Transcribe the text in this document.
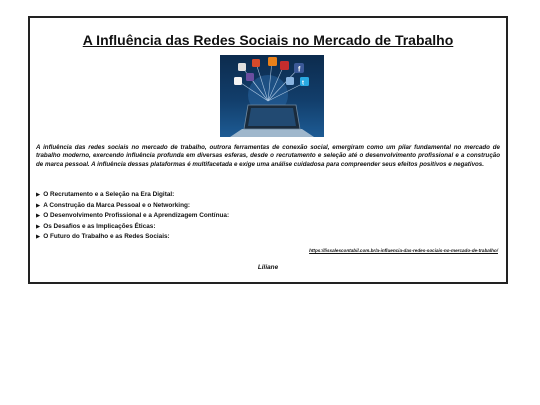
A Influência das Redes Sociais no Mercado de Trabalho
f
t

A influência das redes sociais no mercado de trabalho, outrora ferramentas de conexão social, emergiram como um pilar fundamental no mercado de trabalho moderno, exercendo influência profunda em diversas esferas, desde o recrutamento e seleção até o desenvolvimento profissional e a construção de marca pessoal. A influência dessas plataformas é multifacetada e exige uma análise cuidadosa para compreender seus efeitos positivos e negativos.

▶ O Recrutamento e a Seleção na Era Digital:
▶ A Construção da Marca Pessoal e o Networking:
▶ O Desenvolvimento Profissional e a Aprendizagem Contínua:
▶ Os Desafios e as Implicações Éticas:
▶ O Futuro do Trabalho e as Redes Sociais:
https://lissalescontabil.com.br/a-influencia-das-redes-sociais-no-mercado-de-trabalho/

Liliane
